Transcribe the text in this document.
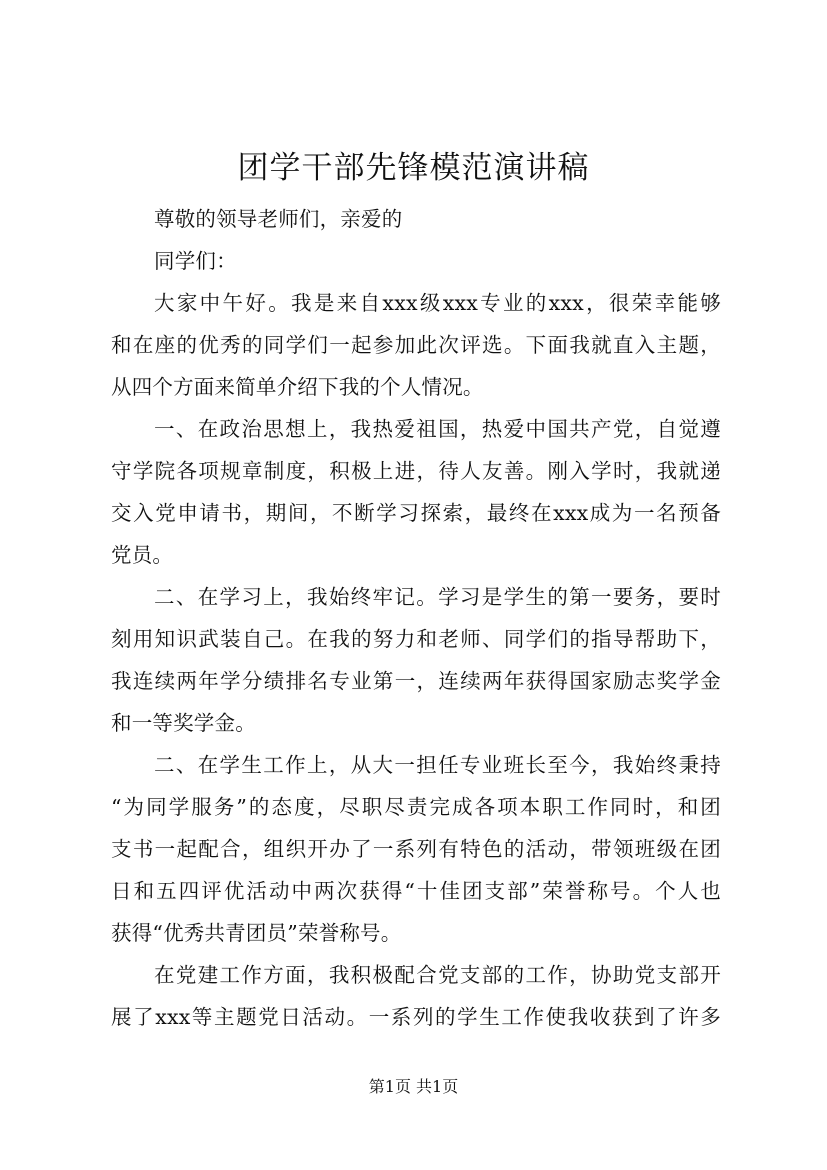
团学干部先锋模范演讲稿
尊敬的领导老师们，亲爱的
同学们：
大家中午好。我是来自xxx级xxx专业的xxx，很荣幸能够
和在座的优秀的同学们一起参加此次评选。下面我就直入主题，
从四个方面来简单介绍下我的个人情况。
一、在政治思想上，我热爱祖国，热爱中国共产党，自觉遵
守学院各项规章制度，积极上进，待人友善。刚入学时，我就递
交入党申请书，期间，不断学习探索，最终在xxx成为一名预备
党员。
二、在学习上，我始终牢记。学习是学生的第一要务，要时
刻用知识武装自己。在我的努力和老师、同学们的指导帮助下，
我连续两年学分绩排名专业第一，连续两年获得国家励志奖学金
和一等奖学金。
二、在学生工作上，从大一担任专业班长至今，我始终秉持
“为同学服务”的态度，尽职尽责完成各项本职工作同时，和团
支书一起配合，组织开办了一系列有特色的活动，带领班级在团
日和五四评优活动中两次获得“十佳团支部”荣誉称号。个人也
获得“优秀共青团员”荣誉称号。
在党建工作方面，我积极配合党支部的工作，协助党支部开
展了xxx等主题党日活动。一系列的学生工作使我收获到了许多
第1页 共1页
